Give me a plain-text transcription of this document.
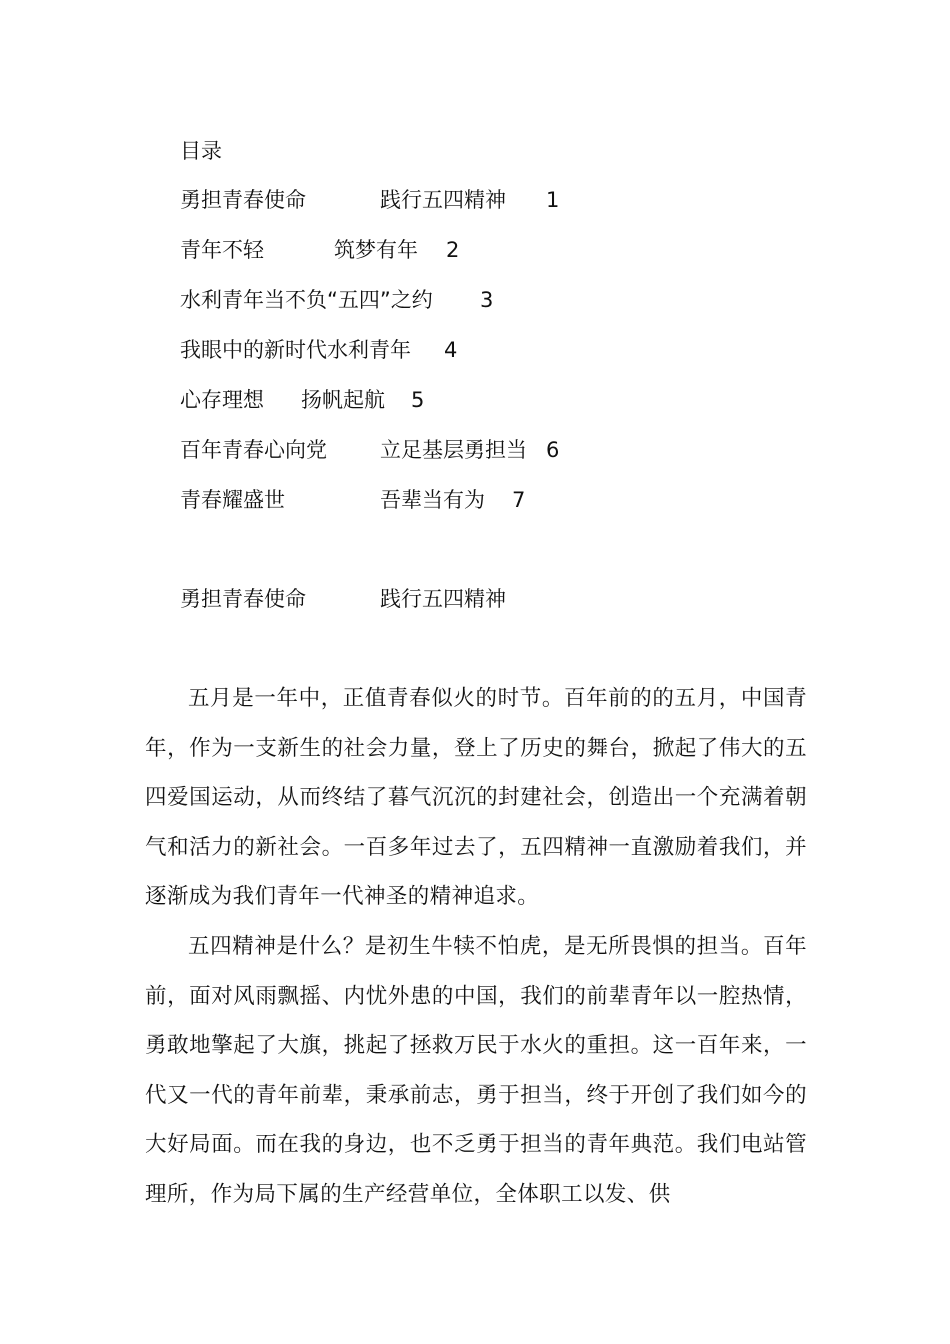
目录
勇担青春使命	践行五四精神 1
青年不轻	筑梦有年 2
水利青年当不负“五四”之约 3
我眼中的新时代水利青年 4
心存理想 扬帆起航 5
百年青春心向党	立足基层勇担当 6
青春耀盛世	吾辈当有为 7
勇担青春使命	践行五四精神

五月是一年中，正值青春似火的时节。百年前的的五月，中国青年，作为一支新生的社会力量，登上了历史的舞台，掀起了伟大的五四爱国运动，从而终结了暮气沉沉的封建社会，创造出一个充满着朝气和活力的新社会。一百多年过去了，五四精神一直激励着我们，并逐渐成为我们青年一代神圣的精神追求。

五四精神是什么？是初生牛犊不怕虎，是无所畏惧的担当。百年前，面对风雨飘摇、内忧外患的中国，我们的前辈青年以一腔热情，勇敢地擎起了大旗，挑起了拯救万民于水火的重担。这一百年来，一代又一代的青年前辈，秉承前志，勇于担当，终于开创了我们如今的大好局面。而在我的身边，也不乏勇于担当的青年典范。我们电站管理所，作为局下属的生产经营单位，全体职工以发、供
